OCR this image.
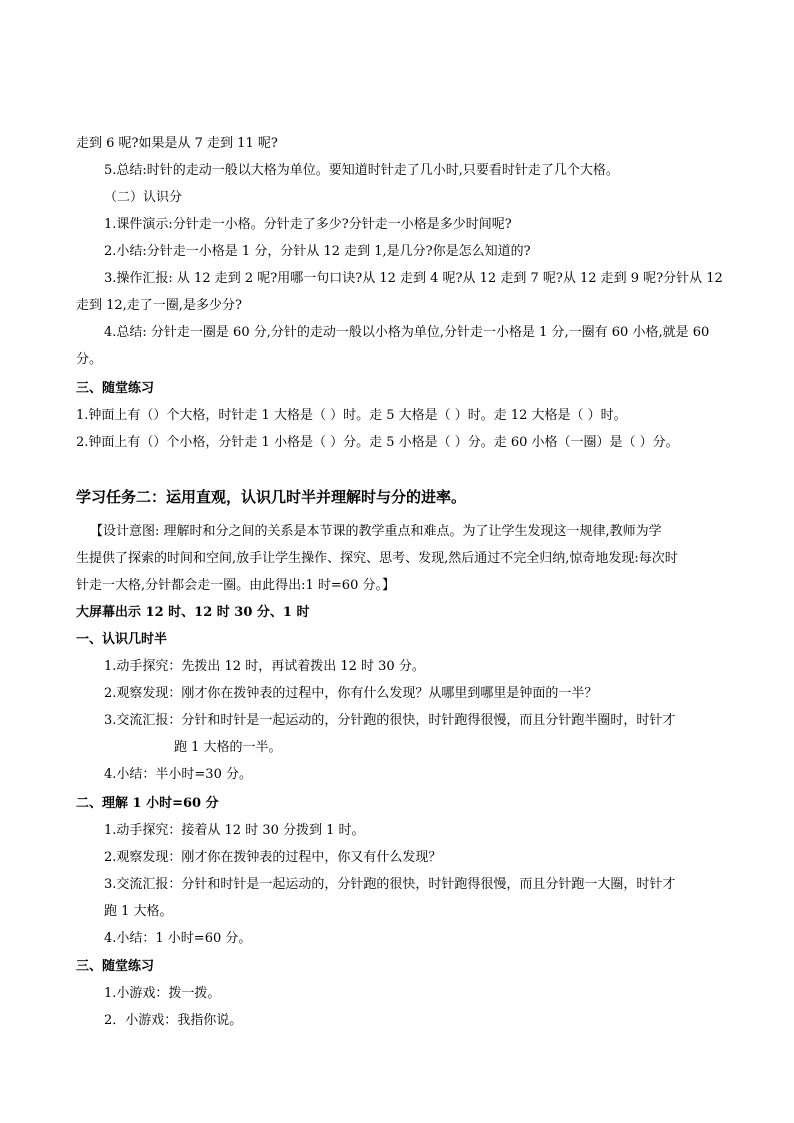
走到 6 呢?如果是从 7 走到 11 呢?
5.总结:时针的走动一般以大格为单位。要知道时针走了几小时,只要看时针走了几个大格。
（二）认识分
1.课件演示:分针走一小格。分针走了多少?分针走一小格是多少时间呢?
2.小结:分针走一小格是 1 分，分针从 12 走到 1,是几分?你是怎么知道的?
3.操作汇报: 从 12 走到 2 呢?用哪一句口诀?从 12 走到 4 呢?从 12 走到 7 呢?从 12 走到 9 呢?分针从 12
走到 12,走了一圈,是多少分?
4.总结: 分针走一圈是 60 分,分针的走动一般以小格为单位,分针走一小格是 1 分,一圈有 60 小格,就是 60
分。
三、随堂练习
1.钟面上有（）个大格，时针走 1 大格是（ ）时。走 5 大格是（ ）时。走 12 大格是（ ）时。
2.钟面上有（）个小格，分针走 1 小格是（ ）分。走 5 小格是（ ）分。走 60 小格（一圈）是（ ）分。
学习任务二：运用直观，认识几时半并理解时与分的进率。
【设计意图: 理解时和分之间的关系是本节课的教学重点和难点。为了让学生发现这一规律,教师为学
生提供了探索的时间和空间,放手让学生操作、探究、思考、发现,然后通过不完全归纳,惊奇地发现:每次时
针走一大格,分针都会走一圈。由此得出:1 时=60 分。】
大屏幕出示 12 时、12 时 30 分、1 时
一、认识几时半
1.动手探究：先拨出 12 时，再试着拨出 12 时 30 分。
2.观察发现：刚才你在拨钟表的过程中，你有什么发现？从哪里到哪里是钟面的一半？
3.交流汇报：分针和时针是一起运动的，分针跑的很快，时针跑得很慢，而且分针跑半圈时，时针才
跑 1 大格的一半。
4.小结：半小时=30 分。
二、理解 1 小时=60 分
1.动手探究：接着从 12 时 30 分拨到 1 时。
2.观察发现：刚才你在拨钟表的过程中，你又有什么发现？
3.交流汇报：分针和时针是一起运动的，分针跑的很快，时针跑得很慢，而且分针跑一大圈，时针才
跑 1 大格。
4.小结：1 小时=60 分。
三、随堂练习
1.小游戏：拨一拨。
2．小游戏：我指你说。
